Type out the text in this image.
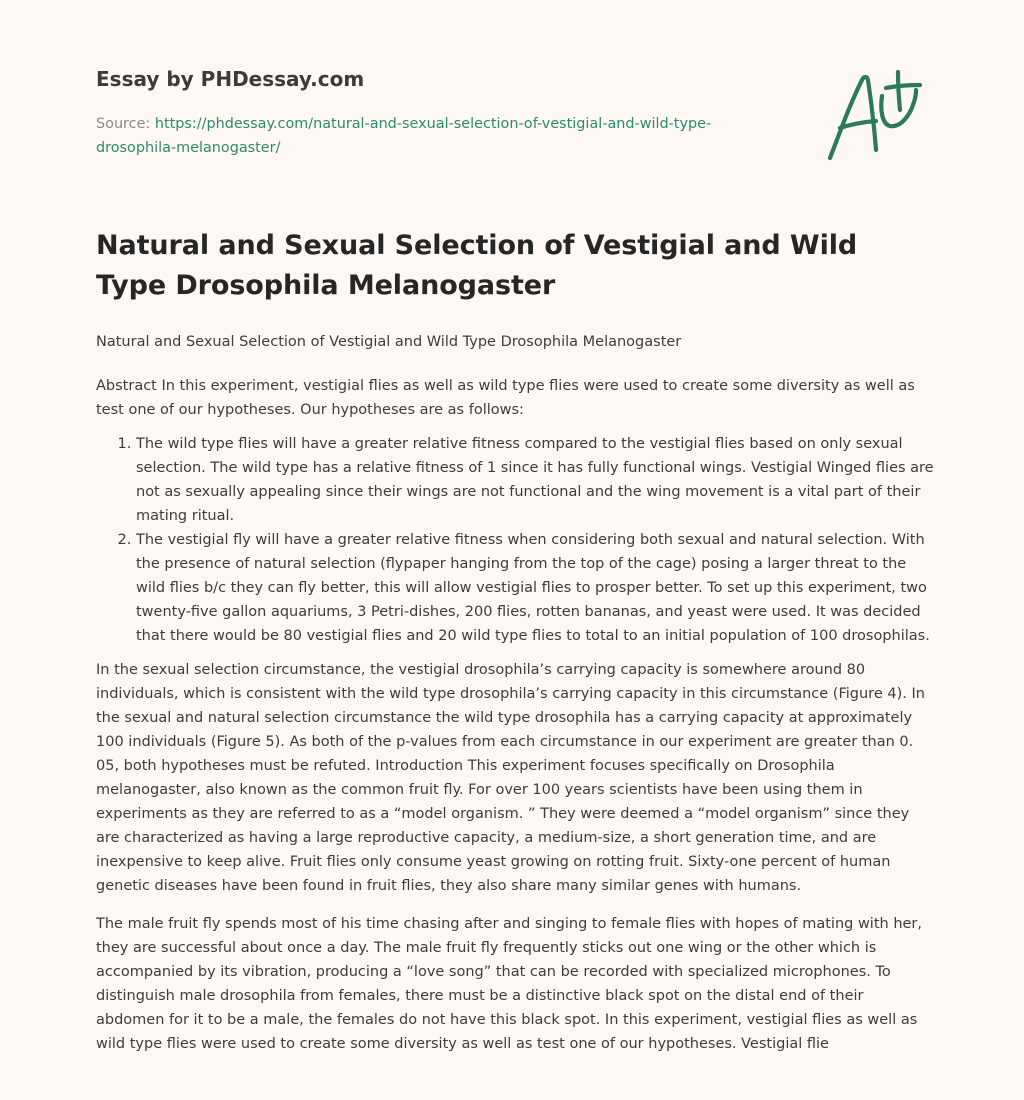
Essay by PHDessay.com
Source: https://phdessay.com/natural-and-sexual-selection-of-vestigial-and-wild-type-
drosophila-melanogaster/
Natural and Sexual Selection of Vestigial and Wild Type Drosophila Melanogaster

Natural and Sexual Selection of Vestigial and Wild Type Drosophila Melanogaster

Abstract In this experiment, vestigial flies as well as wild type flies were used to create some diversity as well as test one of our hypotheses. Our hypotheses are as follows:

1. The wild type flies will have a greater relative fitness compared to the vestigial flies based on only sexual selection. The wild type has a relative fitness of 1 since it has fully functional wings. Vestigial Winged flies are not as sexually appealing since their wings are not functional and the wing movement is a vital part of their mating ritual.
2. The vestigial fly will have a greater relative fitness when considering both sexual and natural selection. With the presence of natural selection (flypaper hanging from the top of the cage) posing a larger threat to the wild flies b/c they can fly better, this will allow vestigial flies to prosper better. To set up this experiment, two twenty-five gallon aquariums, 3 Petri-dishes, 200 flies, rotten bananas, and yeast were used. It was decided that there would be 80 vestigial flies and 20 wild type flies to total to an initial population of 100 drosophilas.

In the sexual selection circumstance, the vestigial drosophila’s carrying capacity is somewhere around 80 individuals, which is consistent with the wild type drosophila’s carrying capacity in this circumstance (Figure 4). In the sexual and natural selection circumstance the wild type drosophila has a carrying capacity at approximately 100 individuals (Figure 5). As both of the p-values from each circumstance in our experiment are greater than 0. 05, both hypotheses must be refuted. Introduction This experiment focuses specifically on Drosophila melanogaster, also known as the common fruit fly. For over 100 years scientists have been using them in experiments as they are referred to as a “model organism. ” They were deemed a “model organism” since they are characterized as having a large reproductive capacity, a medium-size, a short generation time, and are inexpensive to keep alive. Fruit flies only consume yeast growing on rotting fruit. Sixty-one percent of human genetic diseases have been found in fruit flies, they also share many similar genes with humans.

The male fruit fly spends most of his time chasing after and singing to female flies with hopes of mating with her, they are successful about once a day. The male fruit fly frequently sticks out one wing or the other which is accompanied by its vibration, producing a “love song” that can be recorded with specialized microphones. To distinguish male drosophila from females, there must be a distinctive black spot on the distal end of their abdomen for it to be a male, the females do not have this black spot. In this experiment, vestigial flies as well as wild type flies were used to create some diversity as well as test one of our hypotheses. Vestigial flie
